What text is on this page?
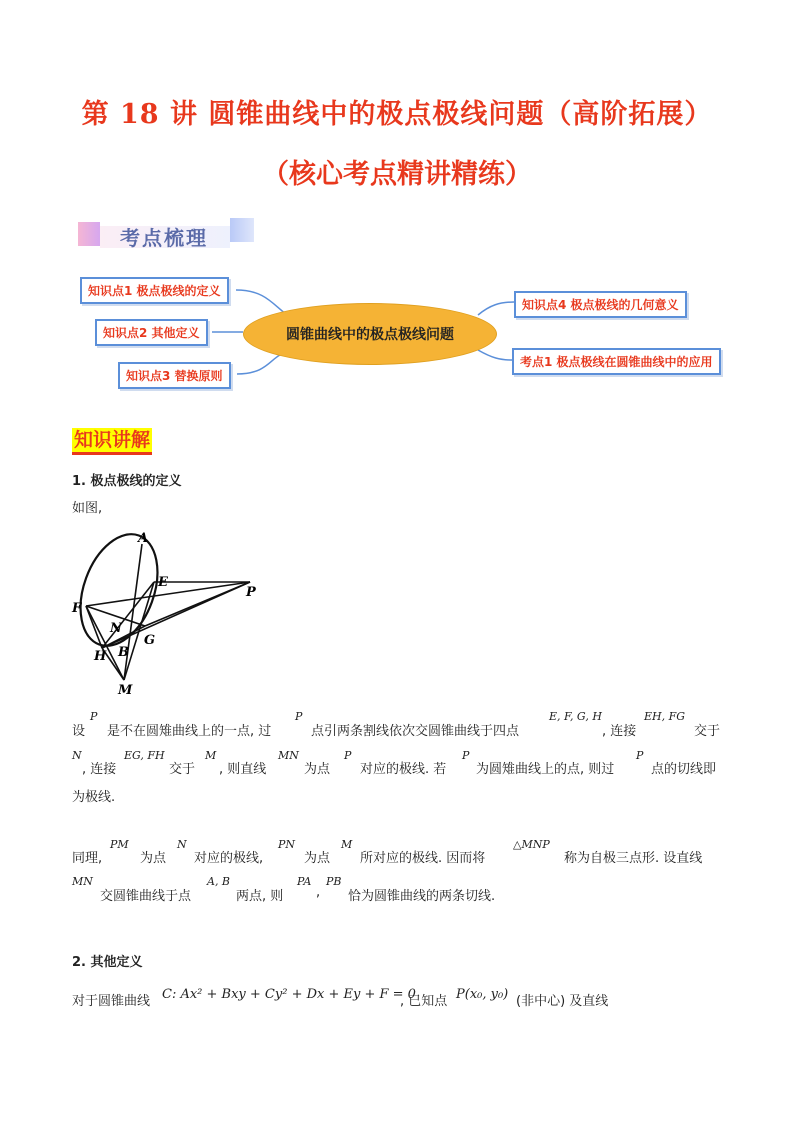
第 18 讲 圆锥曲线中的极点极线问题（高阶拓展）
（核心考点精讲精练）
考点梳理
知识点1 极点极线的定义
知识点2 其他定义
知识点3 替换原则
圆锥曲线中的极点极线问题
知识点4 极点极线的几何意义
考点1 极点极线在圆锥曲线中的应用
知识讲解
1. 极点极线的定义
如图,
A
E
P
F
N
G
H B
M
设
P
是不在圆雉曲线上的一点, 过
P
点引两条割线依次交圆锥曲线于四点
E, F, G, H
, 连接
EH, FG
交于
N
, 连接
EG, FH
交于
M
, 则直线
MN
为点
P
对应的极线. 若
P
为圆雉曲线上的点, 则过
P
点的切线即
为极线.
同理,
PM
为点
N
对应的极线,
PN
为点
M
所对应的极线. 因而将
△MNP
称为自极三点形. 设直线
MN
交圆锥曲线于点
A, B
两点, 则
PA
,
PB
恰为圆锥曲线的两条切线.
2. 其他定义
对于圆锥曲线 C: Ax² + Bxy + Cy² + Dx + Ey + F = 0
, 已知点 P(x₀, y₀) (非中心) 及直线
